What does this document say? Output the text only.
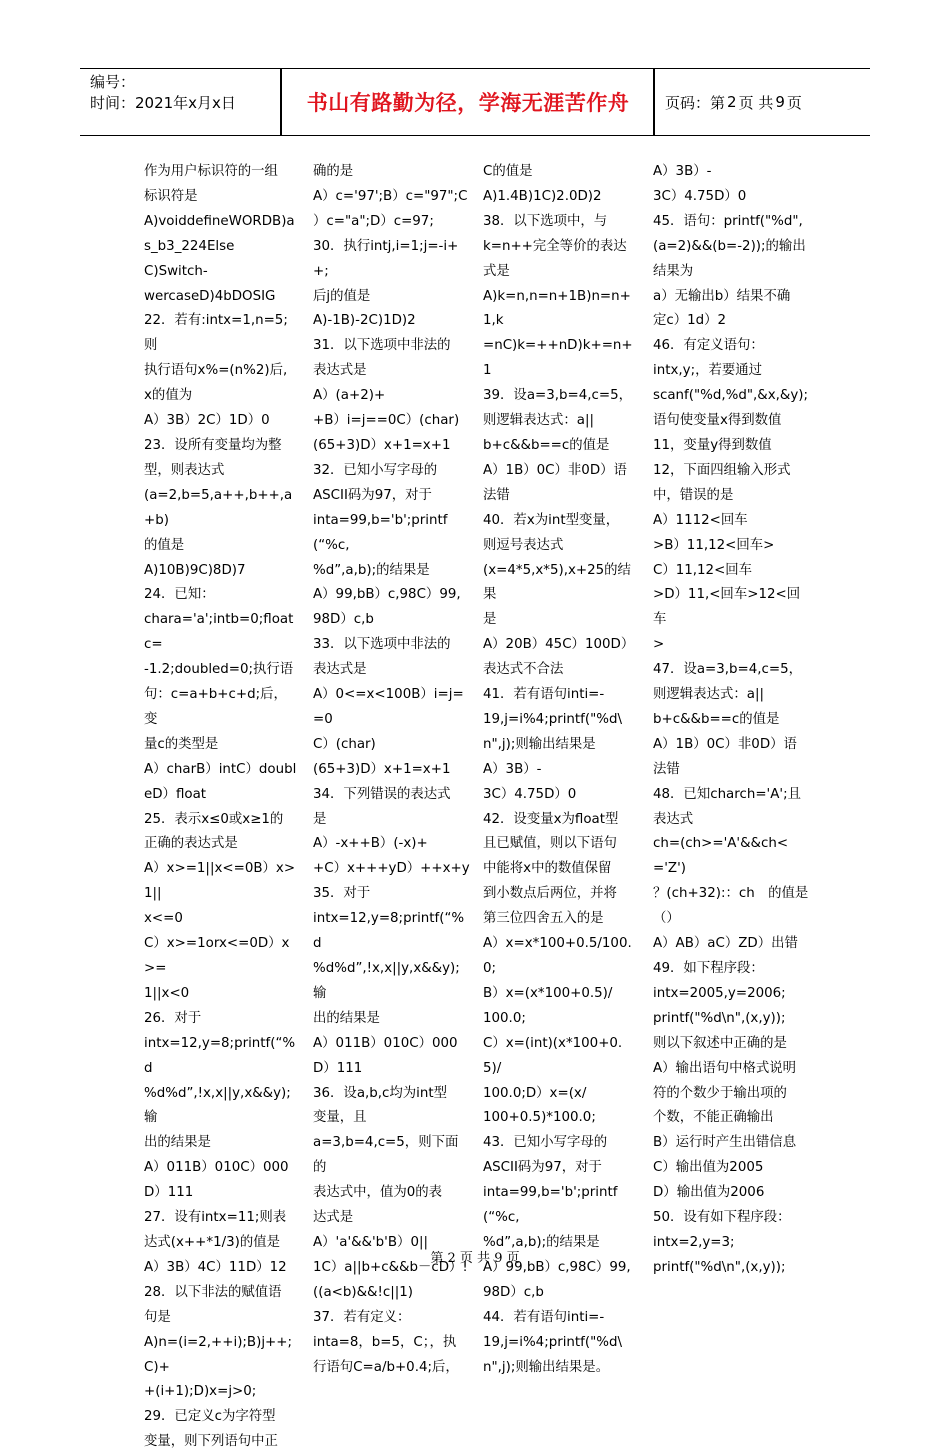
编号：
时间：2021年x月x日	书山有路勤为径，学海无涯苦作舟	页码：第 2 页 共 9 页
作为用户标识符的一组
标识符是
A)voiddefineWORDB)a
s_b3_224Else
C)Switch-
wercaseD)4bDOSIG
22．若有:intx=1,n=5;则
执行语句x%=(n%2)后,
x的值为
A）3B）2C）1D）0
23．设所有变量均为整
型，则表达式
(a=2,b=5,a++,b++,a+b)
的值是
A)10B)9C)8D)7
24．已知：
chara='a';intb=0;floatc=
-1.2;doubled=0;执行语
句：c=a+b+c+d;后，变
量c的类型是
A）charB）intC）doubl
eD）float
25．表示x≤0或x≥1的
正确的表达式是
A）x>=1||x<=0B）x>1||
x<=0
C）x>=1orx<=0D）x>=
1||x<0
26．对于
intx=12,y=8;printf(“%d
%d%d”,!x,x||y,x&&y);输
出的结果是
A）011B）010C）000
D）111
27．设有intx=11;则表
达式(x++*1/3)的值是
A）3B）4C）11D）12
28．以下非法的赋值语
句是
A)n=(i=2,++i);B)j++;C)+
+(i+1);D)x=j>0;
29．已定义c为字符型
变量，则下列语句中正
确的是
A）c='97';B）c="97";C
）c="a";D）c=97;
30．执行intj,i=1;j=-i++;
后j的值是
A)-1B)-2C)1D)2
31．以下选项中非法的
表达式是
A）(a+2)+
+B）i=j==0C）(char)
(65+3)D）x+1=x+1
32．已知小写字母的
ASCII码为97，对于
inta=99,b='b';printf(“%c,
%d”,a,b);的结果是
A）99,bB）c,98C）99,
98D）c,b
33．以下选项中非法的
表达式是
A）0<=x<100B）i=j==0
C）(char)
(65+3)D）x+1=x+1
34．下列错误的表达式
是
A）-x++B）(-x)+
+C）x+++yD）++x+y
35．对于
intx=12,y=8;printf(“%d
%d%d”,!x,x||y,x&&y);输
出的结果是
A）011B）010C）000
D）111
36．设a,b,c均为int型
变量，且
a=3,b=4,c=5，则下面的
表达式中，值为0的表
达式是
A）'a'&&'b'B）0||
1C）a||b+c&&b－cD）!
((a<b)&&!c||1)
37．若有定义：
inta=8，b=5，C；，执
行语句C=a/b+0.4;后，
C的值是
A)1.4B)1C)2.0D)2
38．以下选项中，与
k=n++完全等价的表达
式是
A)k=n,n=n+1B)n=n+1,k
=nC)k=++nD)k+=n+1
39．设a=3,b=4,c=5，
则逻辑表达式：a||
b+c&&b==c的值是
A）1B）0C）非0D）语
法错
40．若x为int型变量，
则逗号表达式
(x=4*5,x*5),x+25的结果
是
A）20B）45C）100D）
表达式不合法
41．若有语句inti=-
19,j=i%4;printf("%d\
n",j);则输出结果是
A）3B）-
3C）4.75D）0
42．设变量x为float型
且已赋值，则以下语句
中能将x中的数值保留
到小数点后两位，并将
第三位四舍五入的是
A）x=x*100+0.5/100.0;
B）x=(x*100+0.5)/
100.0;
C）x=(int)(x*100+0.5)/
100.0;D）x=(x/
100+0.5)*100.0;
43．已知小写字母的
ASCII码为97，对于
inta=99,b='b';printf(“%c,
%d”,a,b);的结果是
A）99,bB）c,98C）99,
98D）c,b
44．若有语句inti=-
19,j=i%4;printf("%d\
n",j);则输出结果是。
A）3B）-
3C）4.75D）0
45．语句：printf("%d",
(a=2)&&(b=-2));的输出
结果为
a）无输出b）结果不确
定c）1d）2
46．有定义语句：
intx,y;，若要通过
scanf("%d,%d",&x,&y);
语句使变量x得到数值
11，变量y得到数值
12，下面四组输入形式
中，错误的是
A）1112<回车
>B）11,12<回车>
C）11,12<回车
>D）11,<回车>12<回车
>
47．设a=3,b=4,c=5，
则逻辑表达式：a||
b+c&&b==c的值是
A）1B）0C）非0D）语
法错
48．已知charch='A';且
表达式
ch=(ch>='A'&&ch<='Z')
？(ch+32):：ch　的值是
（）
A）AB）aC）ZD）出错
49．如下程序段：
intx=2005,y=2006;
printf("%d\n",(x,y));
则以下叙述中正确的是
A）输出语句中格式说明
符的个数少于输出项的
个数，不能正确输出
B）运行时产生出错信息
C）输出值为2005
D）输出值为2006
50．设有如下程序段：
intx=2,y=3;
printf("%d\n",(x,y));
第 2 页 共 9 页
